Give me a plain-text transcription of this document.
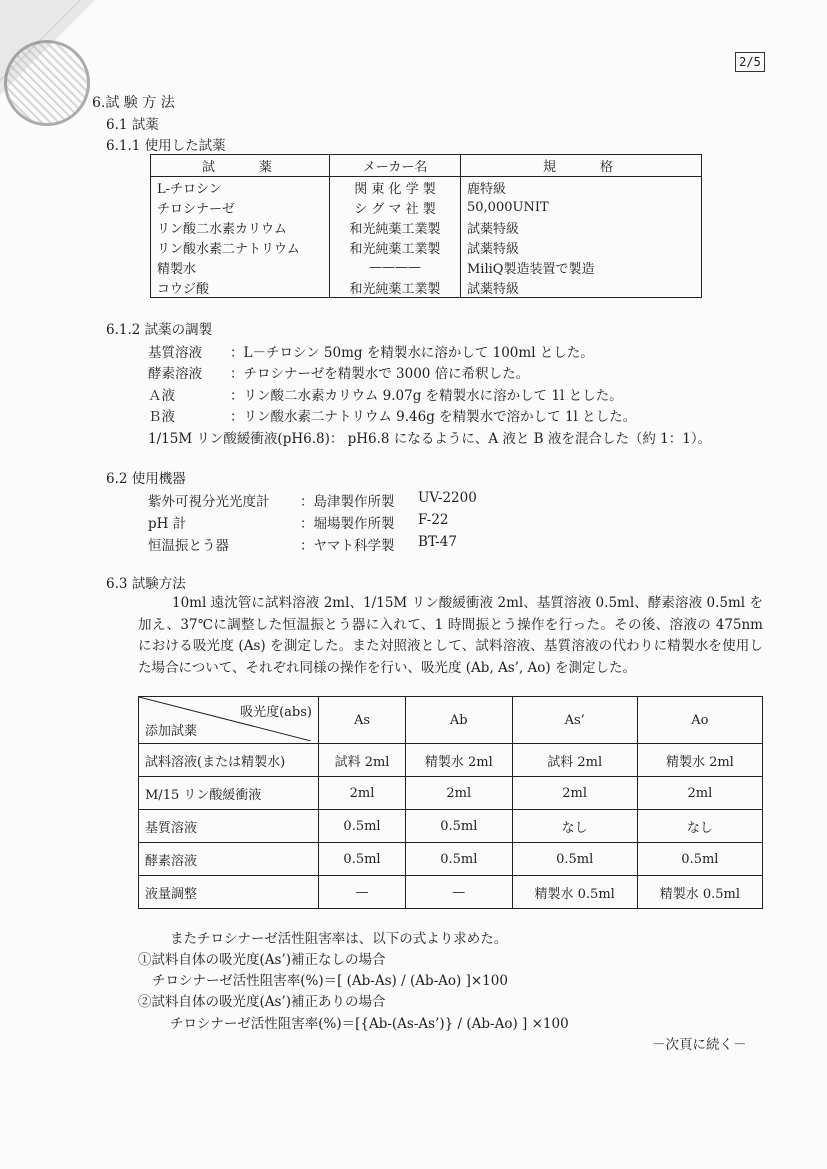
2/5
6.試 験 方 法
6.1 試薬
6.1.1 使用した試薬
試　　薬	メーカー名	規　　格
L-チロシン	関 東 化 学 製	鹿特級
チロシナーゼ	シ グ マ 社 製	50,000UNIT
リン酸二水素カリウム	和光純薬工業製	試薬特級
リン酸水素二ナトリウム	和光純薬工業製	試薬特級
精製水	————	MiliQ製造装置で製造
コウジ酸	和光純薬工業製	試薬特級
6.1.2 試薬の調製
基質溶液 ：L－チロシン 50mg を精製水に溶かして 100ml とした。
酵素溶液 ：チロシナーゼを精製水で 3000 倍に希釈した。
Ａ液	：リン酸二水素カリウム 9.07g を精製水に溶かして 1l とした。
Ｂ液	：リン酸水素二ナトリウム 9.46g を精製水で溶かして 1l とした。
1/15M リン酸緩衝液(pH6.8)： pH6.8 になるように、A 液と B 液を混合した（約 1：1）。
6.2 使用機器
紫外可視分光光度計 ：島津製作所製 UV-2200
pH 計	：堀場製作所製 F-22
恒温振とう器	：ヤマト科学製 BT-47
6.3 試験方法

10ml 遠沈管に試料溶液 2ml、1/15M リン酸緩衝液 2ml、基質溶液 0.5ml、酵素溶液 0.5ml を加え、37℃に調整した恒温振とう器に入れて、1 時間振とう操作を行った。その後、溶液の 475nm における吸光度 (As) を測定した。また対照液として、試料溶液、基質溶液の代わりに精製水を使用した場合について、それぞれ同様の操作を行い、吸光度 (Ab, As’, Ao) を測定した。

吸光度(abs)
添加試薬	As	Ab	As’	Ao
試料溶液(または精製水)	試料 2ml	精製水 2ml	試料 2ml	精製水 2ml
M/15 リン酸緩衝液	2ml	2ml	2ml	2ml
基質溶液	0.5ml	0.5ml	なし	なし
酵素溶液	0.5ml	0.5ml	0.5ml	0.5ml
液量調整	—	—	精製水 0.5ml	精製水 0.5ml
またチロシナーゼ活性阻害率は、以下の式より求めた。
①試料自体の吸光度(As’)補正なしの場合
チロシナーゼ活性阻害率(%)＝[ (Ab-As) / (Ab-Ao) ]×100
②試料自体の吸光度(As’)補正ありの場合
チロシナーゼ活性阻害率(%)＝[{Ab-(As-As’)} / (Ab-Ao) ] ×100
－次頁に続く－
